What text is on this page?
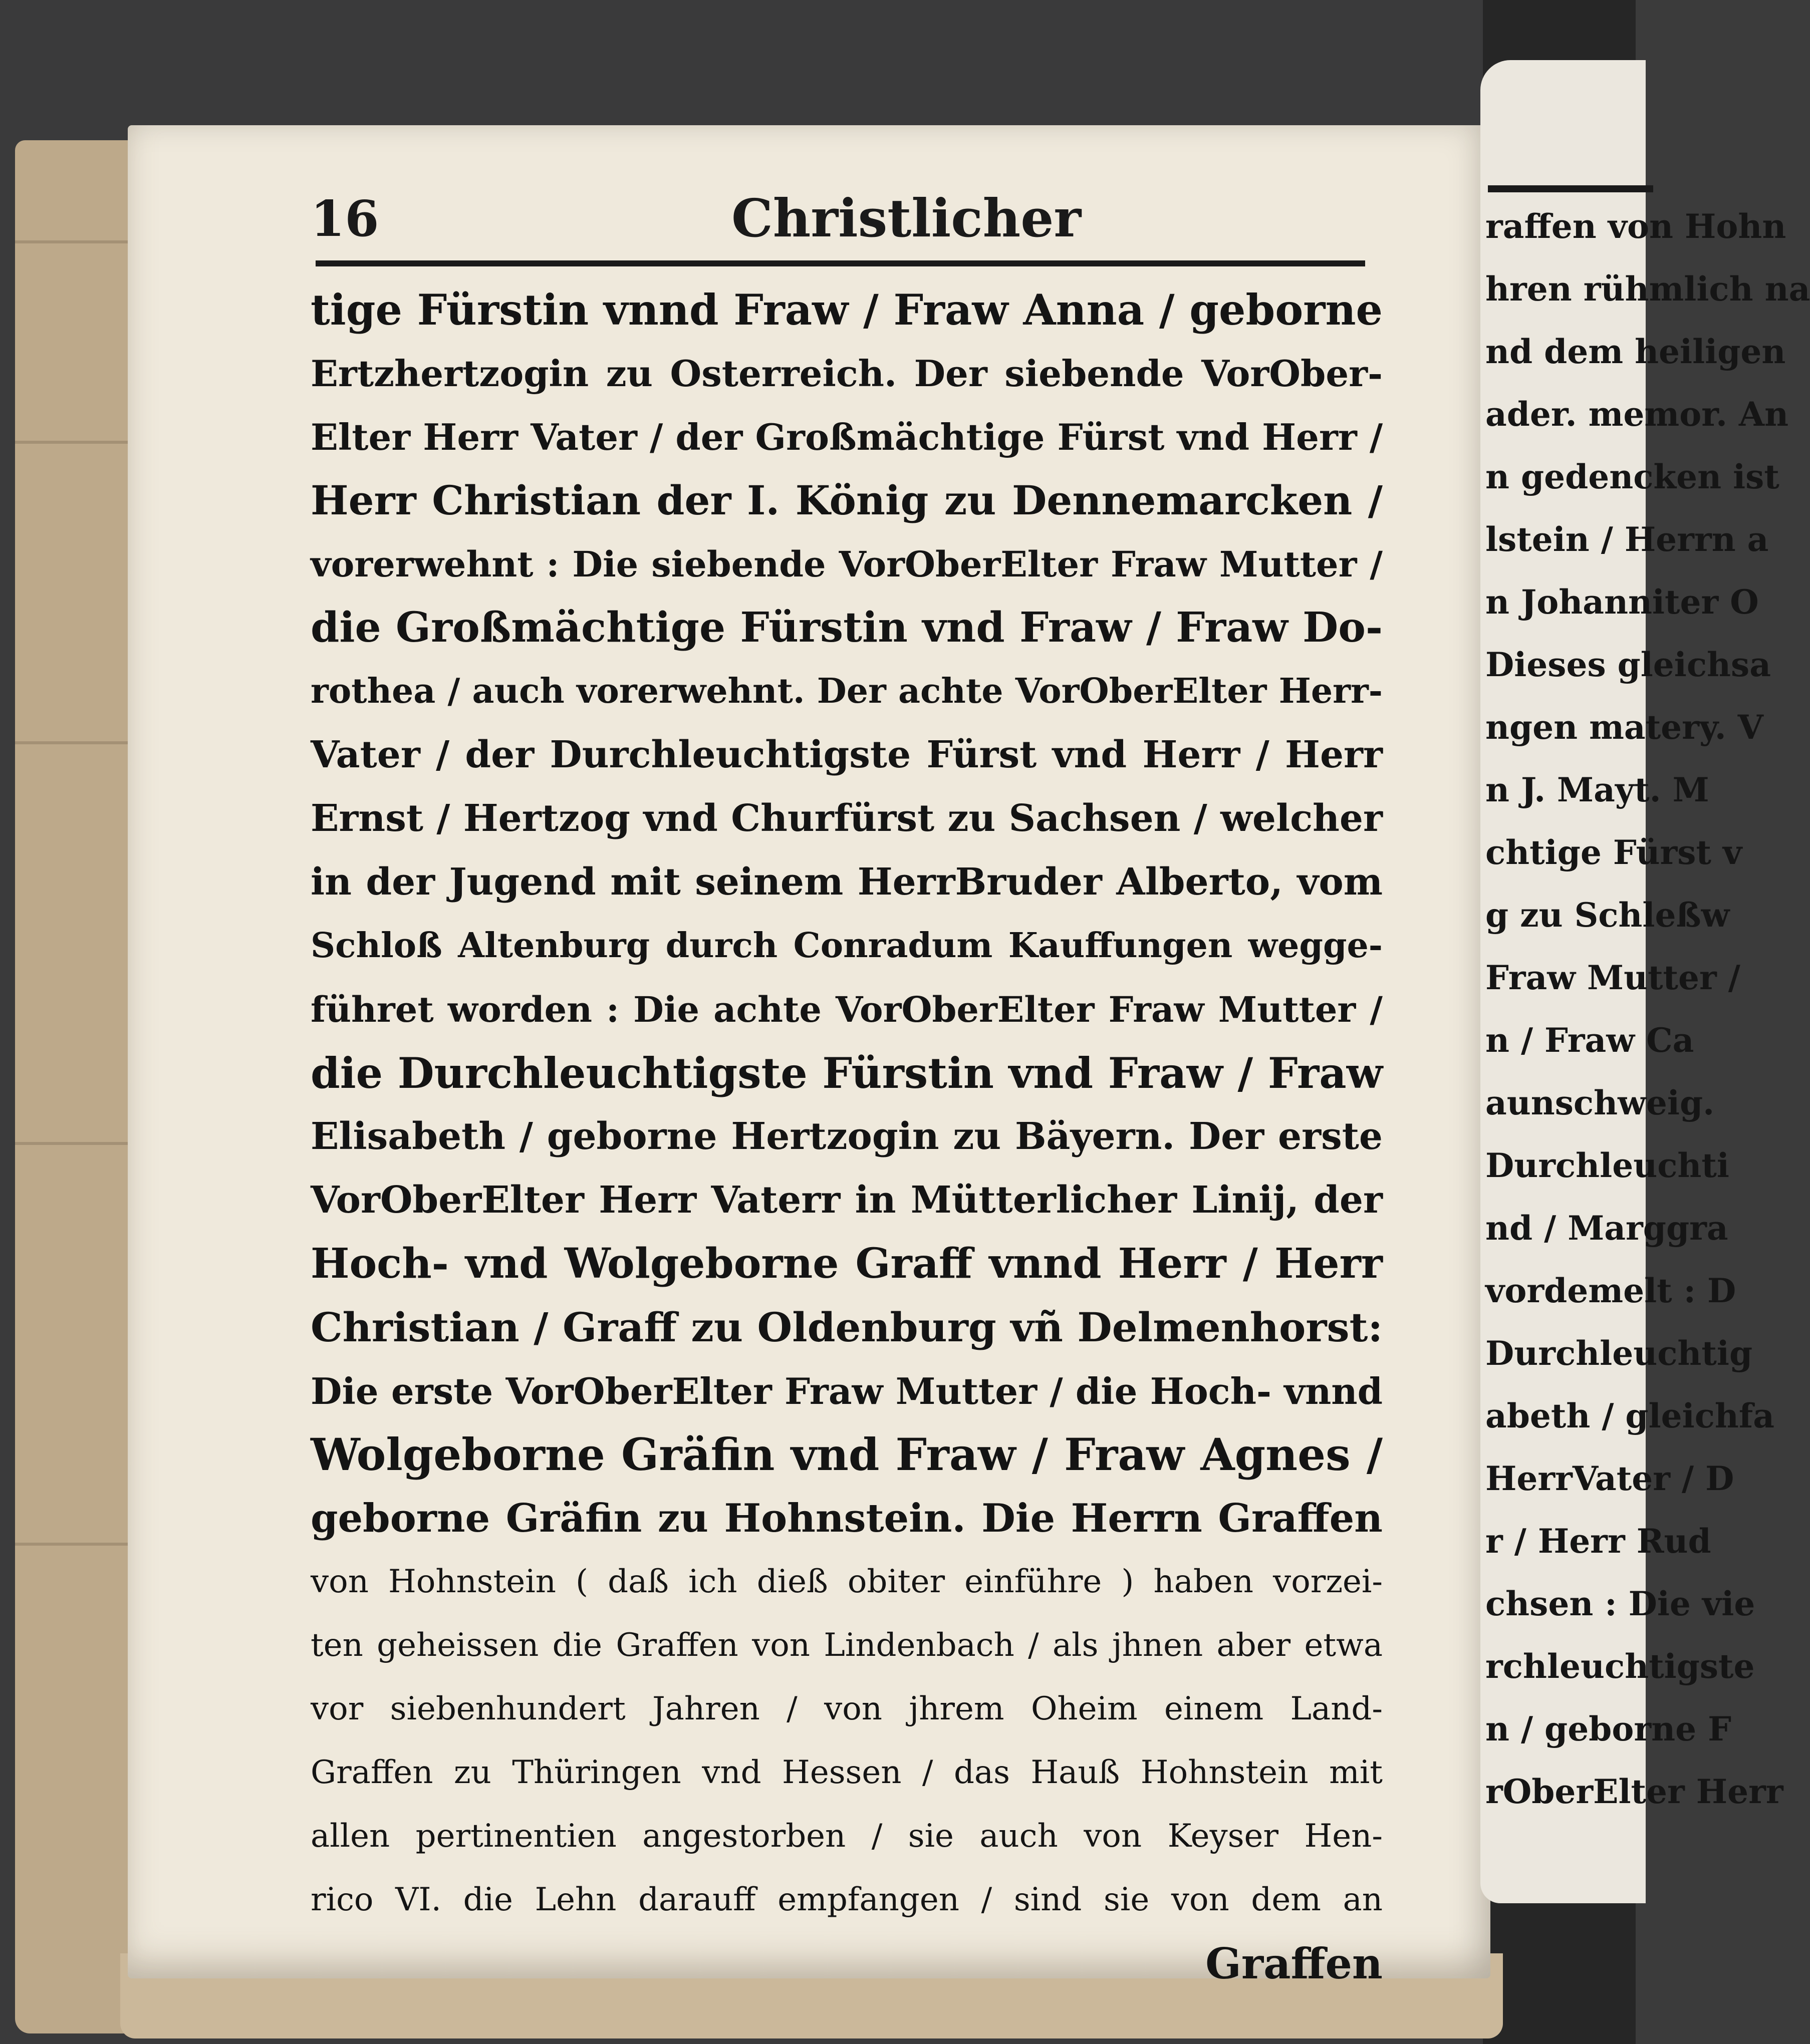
16	Christlicher
tige Fürstin vnnd Fraw / Fraw Anna / geborne
Ertzhertzogin zu Osterreich. Der siebende VorOber-
Elter Herr Vater / der Großmächtige Fürst vnd Herr /
Herr Christian der I. König zu Dennemarcken /
vorerwehnt : Die siebende VorOberElter Fraw Mutter /
die Großmächtige Fürstin vnd Fraw / Fraw Do-
rothea / auch vorerwehnt. Der achte VorOberElter Herr-
Vater / der Durchleuchtigste Fürst vnd Herr / Herr
Ernst / Hertzog vnd Churfürst zu Sachsen / welcher
in der Jugend mit seinem HerrBruder Alberto, vom
Schloß Altenburg durch Conradum Kauffungen wegge-
führet worden : Die achte VorOberElter Fraw Mutter /
die Durchleuchtigste Fürstin vnd Fraw / Fraw
Elisabeth / geborne Hertzogin zu Bäyern. Der erste
VorOberElter Herr Vaterr in Mütterlicher Linij, der
Hoch- vnd Wolgeborne Graff vnnd Herr / Herr
Christian / Graff zu Oldenburg vñ Delmenhorst:
Die erste VorOberElter Fraw Mutter / die Hoch- vnnd
Wolgeborne Gräfin vnd Fraw / Fraw Agnes /
geborne Gräfin zu Hohnstein. Die Herrn Graffen
von Hohnstein ( daß ich dieß obiter einführe ) haben vorzei-
ten geheissen die Graffen von Lindenbach / als jhnen aber etwa
vor siebenhundert Jahren / von jhrem Oheim einem Land-
Graffen zu Thüringen vnd Hessen / das Hauß Hohnstein mit
allen pertinentien angestorben / sie auch von Keyser Hen-
rico VI. die Lehn darauff empfangen / sind sie von dem an
Graffen
raffen von Hohn
hren rühmlich na
nd dem heiligen
ader. memor. An
n gedencken ist
lstein / Herrn a
n Johanniter O
Dieses gleichsa
ngen matery. V
n J. Mayt. M
chtige Fürst v
g zu Schleßw
Fraw Mutter /
n / Fraw Ca
aunschweig.
Durchleuchti
nd / Marggra
vordemelt : D
Durchleuchtig
abeth / gleichfa
HerrVater / D
r / Herr Rud
chsen : Die vie
rchleuchtigste
n / geborne F
rOberElter Herr
